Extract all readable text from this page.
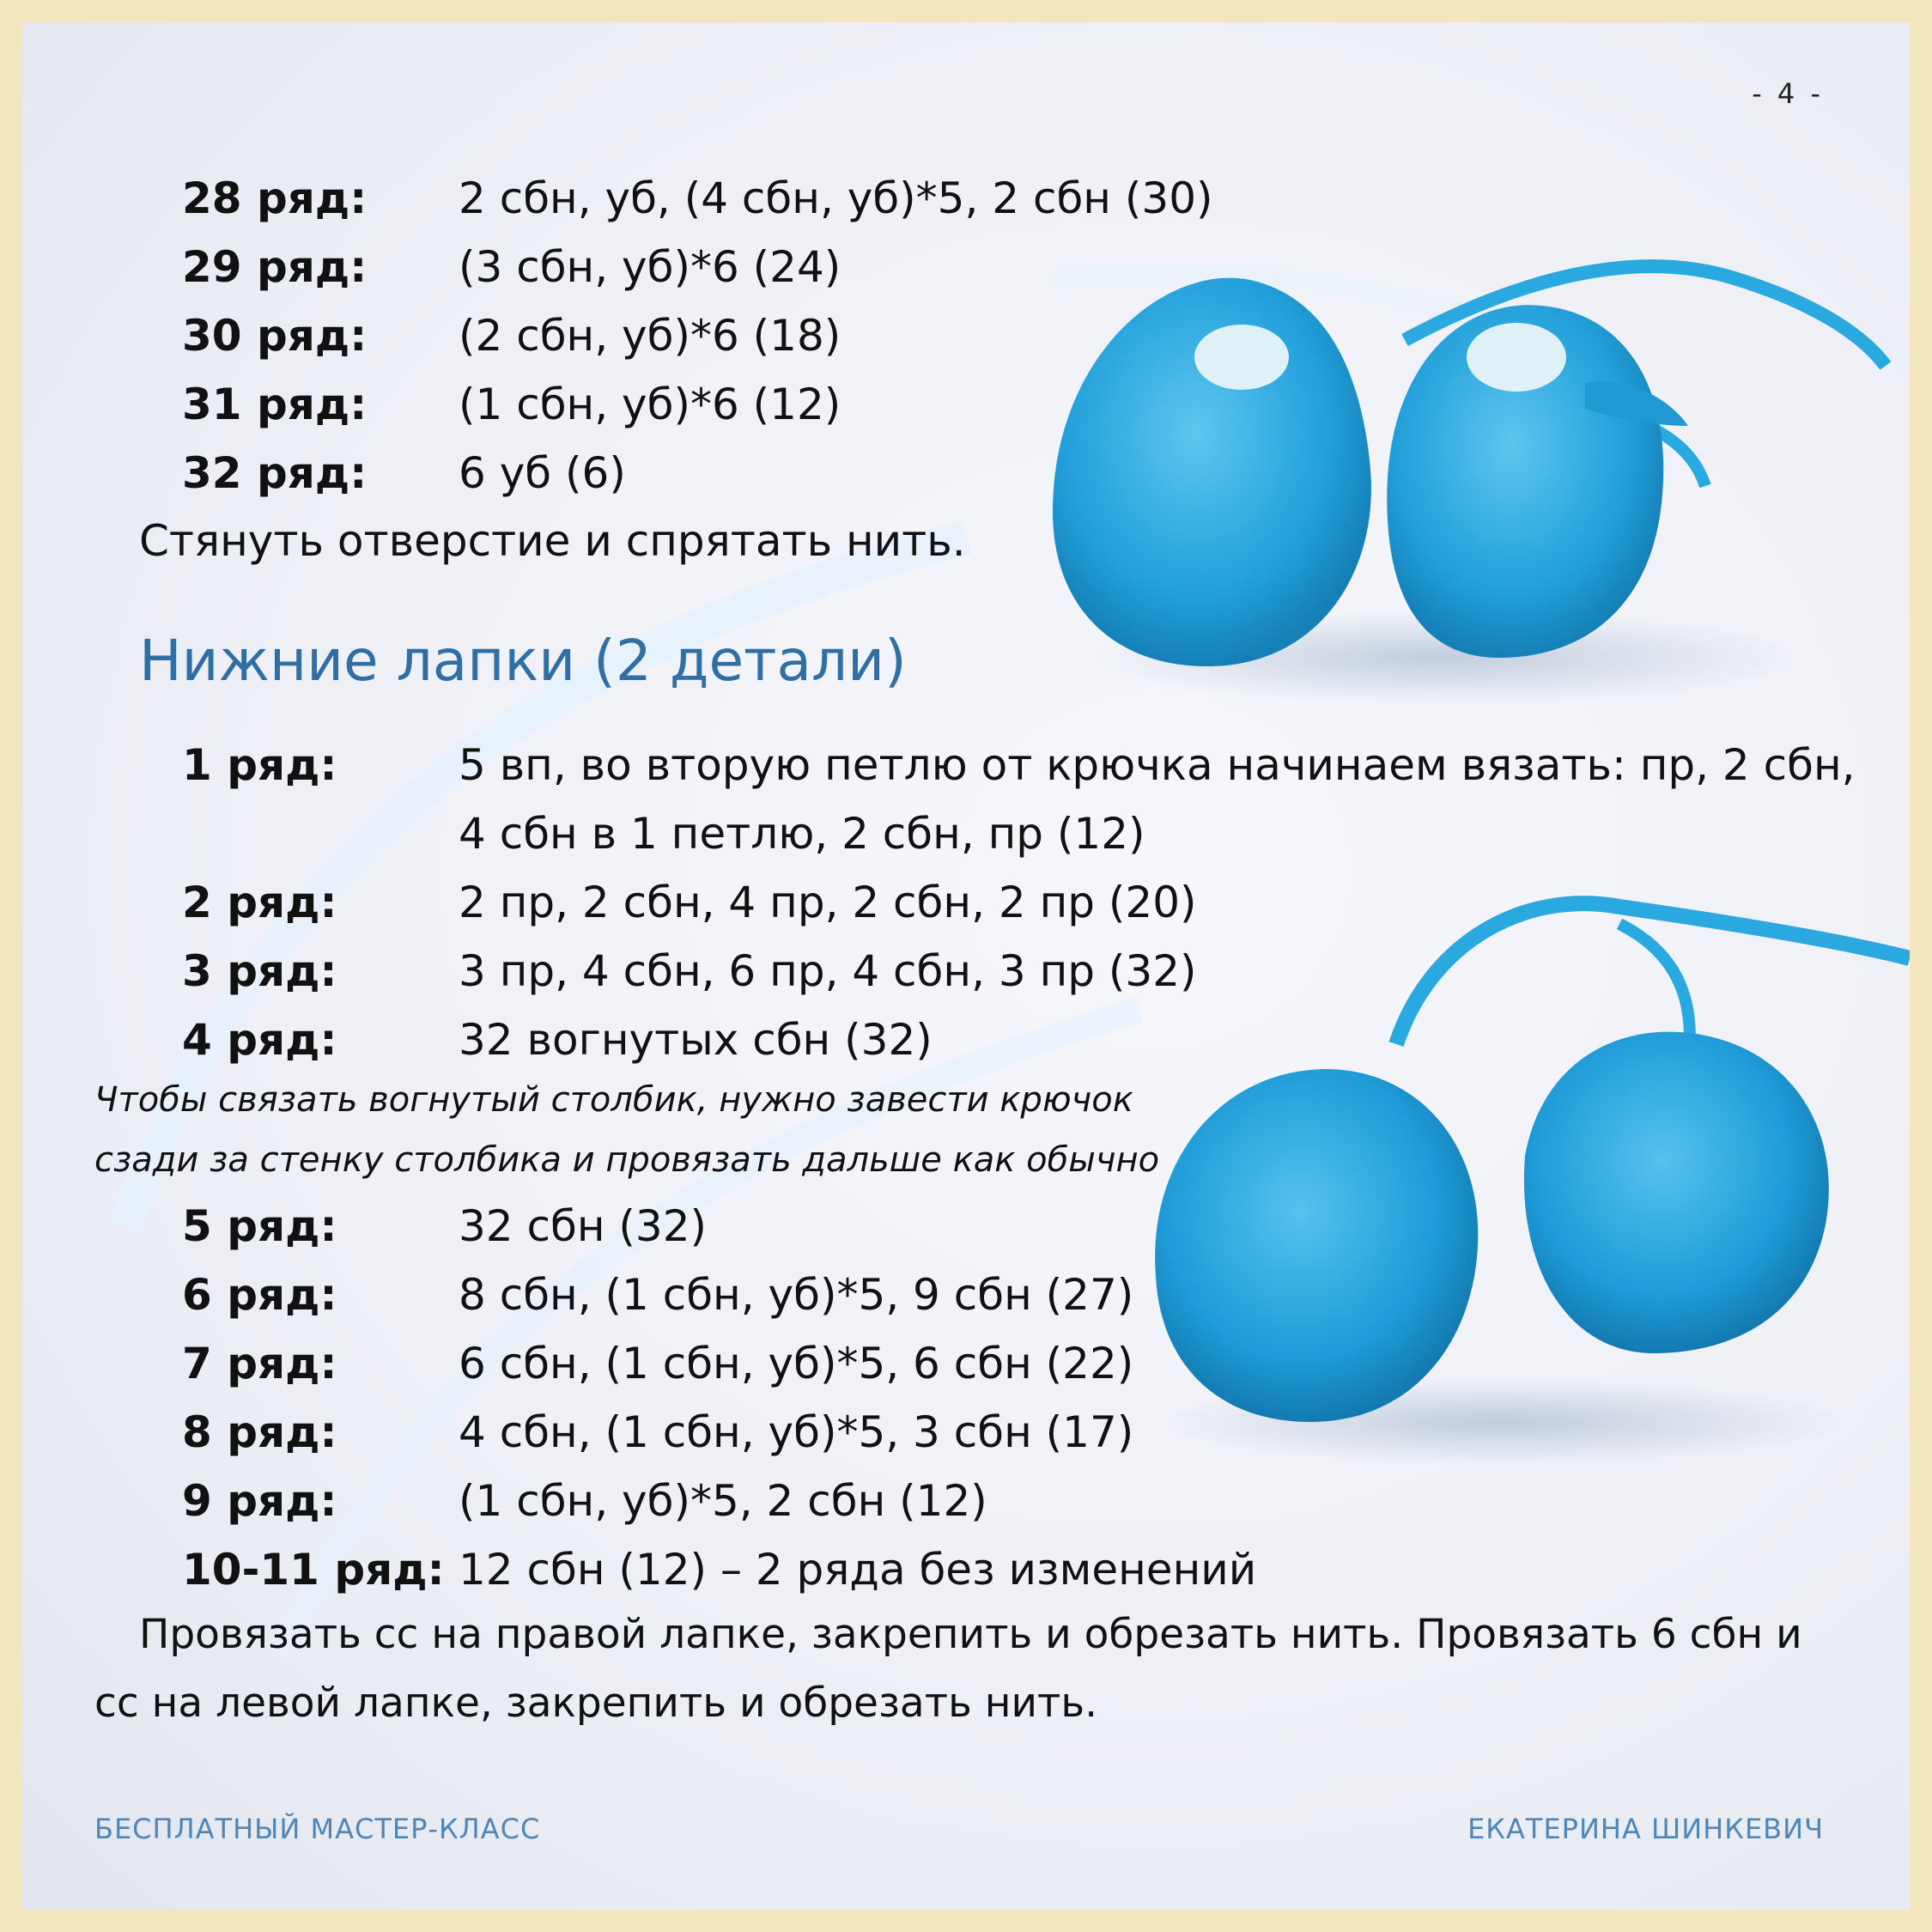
- 4 -
28 ряд: 2 сбн, уб, (4 сбн, уб)*5, 2 сбн (30)
29 ряд: (3 сбн, уб)*6 (24)
30 ряд: (2 сбн, уб)*6 (18)
31 ряд: (1 сбн, уб)*6 (12)
32 ряд: 6 уб (6)
Стянуть отверстие и спрятать нить.
Нижние лапки (2 детали)
1 ряд:	5 вп, во вторую петлю от крючка начинаем вязать: пр, 2 сбн,
4 сбн в 1 петлю, 2 сбн, пр (12)
2 ряд:	2 пр, 2 сбн, 4 пр, 2 сбн, 2 пр (20)
3 ряд:	3 пр, 4 сбн, 6 пр, 4 сбн, 3 пр (32)
4 ряд:	32 вогнутых сбн (32)
Чтобы связать вогнутый столбик, нужно завести крючок
сзади за стенку столбика и провязать дальше как обычно
5 ряд:	32 сбн (32)
6 ряд:	8 сбн, (1 сбн, уб)*5, 9 сбн (27)
7 ряд:	6 сбн, (1 сбн, уб)*5, 6 сбн (22)
8 ряд:	4 сбн, (1 сбн, уб)*5, 3 сбн (17)
9 ряд:	(1 сбн, уб)*5, 2 сбн (12)
10-11 ряд: 12 сбн (12) – 2 ряда без изменений
Провязать сс на правой лапке, закрепить и обрезать нить. Провязать 6 сбн и
сс на левой лапке, закрепить и обрезать нить.
БЕСПЛАТНЫЙ МАСТЕР-КЛАСС	ЕКАТЕРИНА ШИНКЕВИЧ
